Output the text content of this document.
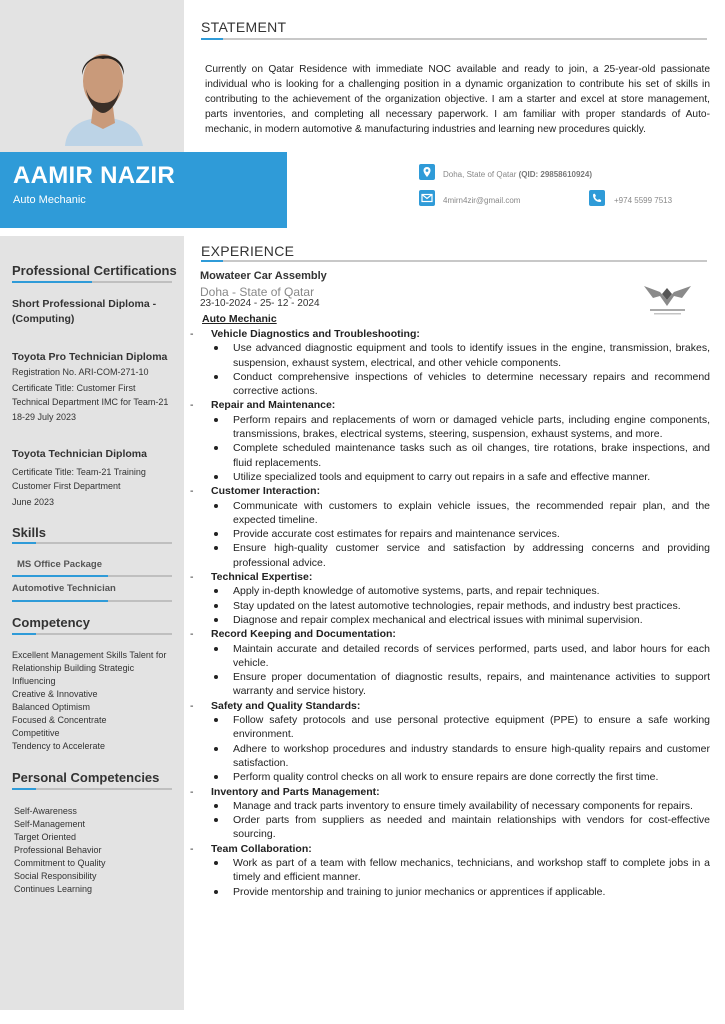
AAMIR NAZIR
Auto Mechanic
STATEMENT
Currently on Qatar Residence with immediate NOC available and ready to join, a 25-year-old passionate individual who is looking for a challenging position in a dynamic organization to contribute his set of skills in contributing to the achievement of the organization objective. I am a starter and excel at store management, parts inventories, and completing all necessary paperwork. I am familiar with proper standards of Auto-mechanic, in modern automotive & manufacturing industries and learning new procedures quickly.
Doha, State of Qatar (QID: 29858610924)
4mirn4zir@gmail.com	+974 5599 7513
Professional Certifications
Short Professional Diploma - (Computing)
Toyota Pro Technician Diploma
Registration No. ARI-COM-271-10
Certificate Title: Customer First
Technical Department IMC for Team-21
18-29 July 2023
Toyota Technician Diploma
Certificate Title: Team-21 Training
Customer First Department
June 2023
Skills
MS Office Package
Automotive Technician
Competency
Excellent Management Skills Talent for
Relationship Building Strategic
Influencing
Creative & Innovative
Balanced Optimism
Focused & Concentrate
Competitive
Tendency to Accelerate
Personal Competencies
Self-Awareness
Self-Management
Target Oriented
Professional Behavior
Commitment to Quality
Social Responsibility
Continues Learning
EXPERIENCE
Mowateer Car Assembly
Doha - State of Qatar
23-10-2024 - 25- 12 - 2024
Auto Mechanic
- Vehicle Diagnostics and Troubleshooting:
Use advanced diagnostic equipment and tools to identify issues in the engine, transmission, brakes, suspension, exhaust system, electrical, and other vehicle components.
Conduct comprehensive inspections of vehicles to determine necessary repairs and recommend corrective actions.
- Repair and Maintenance:
Perform repairs and replacements of worn or damaged vehicle parts, including engine components, transmissions, brakes, electrical systems, steering, suspension, exhaust systems, and more.
Complete scheduled maintenance tasks such as oil changes, tire rotations, brake inspections, and fluid replacements.
Utilize specialized tools and equipment to carry out repairs in a safe and effective manner.
- Customer Interaction:
Communicate with customers to explain vehicle issues, the recommended repair plan, and the expected timeline.
Provide accurate cost estimates for repairs and maintenance services.
Ensure high-quality customer service and satisfaction by addressing concerns and providing professional advice.
- Technical Expertise:
Apply in-depth knowledge of automotive systems, parts, and repair techniques.
Stay updated on the latest automotive technologies, repair methods, and industry best practices.
Diagnose and repair complex mechanical and electrical issues with minimal supervision.
- Record Keeping and Documentation:
Maintain accurate and detailed records of services performed, parts used, and labor hours for each vehicle.
Ensure proper documentation of diagnostic results, repairs, and maintenance activities to support warranty and service history.
- Safety and Quality Standards:
Follow safety protocols and use personal protective equipment (PPE) to ensure a safe working environment.
Adhere to workshop procedures and industry standards to ensure high-quality repairs and customer satisfaction.
Perform quality control checks on all work to ensure repairs are done correctly the first time.
- Inventory and Parts Management:
Manage and track parts inventory to ensure timely availability of necessary components for repairs.
Order parts from suppliers as needed and maintain relationships with vendors for cost-effective sourcing.
- Team Collaboration:
Work as part of a team with fellow mechanics, technicians, and workshop staff to complete jobs in a timely and efficient manner.
Provide mentorship and training to junior mechanics or apprentices if applicable.
